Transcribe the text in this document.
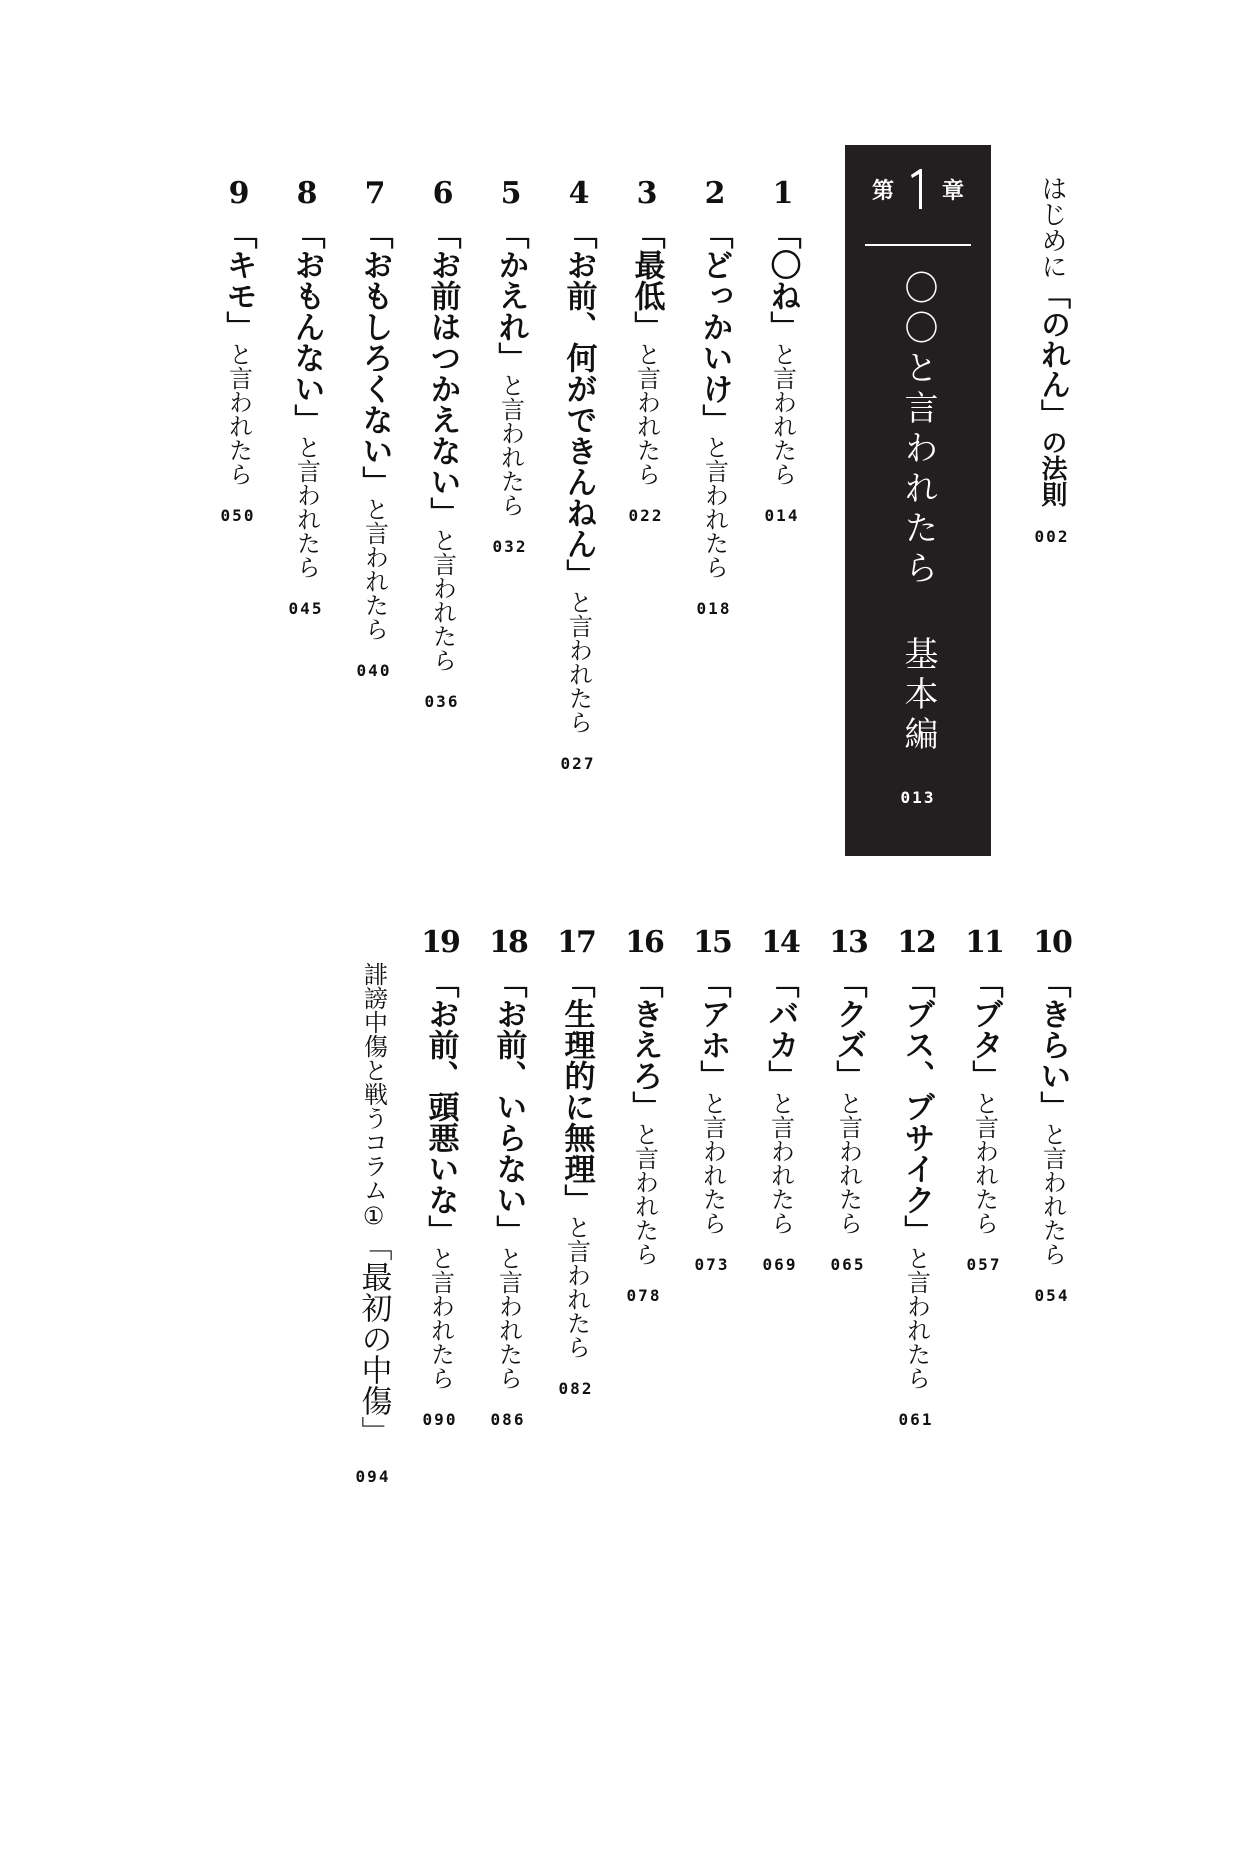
はじめに「のれん」の法則
002
第 章
〇〇と言われたら基本編
013
1
「〇ね」と言われたら
014
2
「どっかいけ」と言われたら
018
3
「最低」と言われたら
022
4
「お前、何ができんねん」と言われたら
027
5
「かえれ」と言われたら
032
6
「お前はつかえない」と言われたら
036
7
「おもしろくない」と言われたら
040
8
「おもんない」と言われたら
045
9
「キモ」と言われたら
050
10
「きらい」と言われたら
054
11
「ブタ」と言われたら
057
12
「ブス、ブサイク」と言われたら
061
13
「クズ」と言われたら
065
14
「バカ」と言われたら
069
15
「アホ」と言われたら
073
16
「きえろ」と言われたら
078
17
「生理的に無理」と言われたら
082
18
「お前、いらない」と言われたら
086
19
「お前、頭悪いな」と言われたら
090
誹謗中傷と戦うコラム①「最初の中傷」
094
